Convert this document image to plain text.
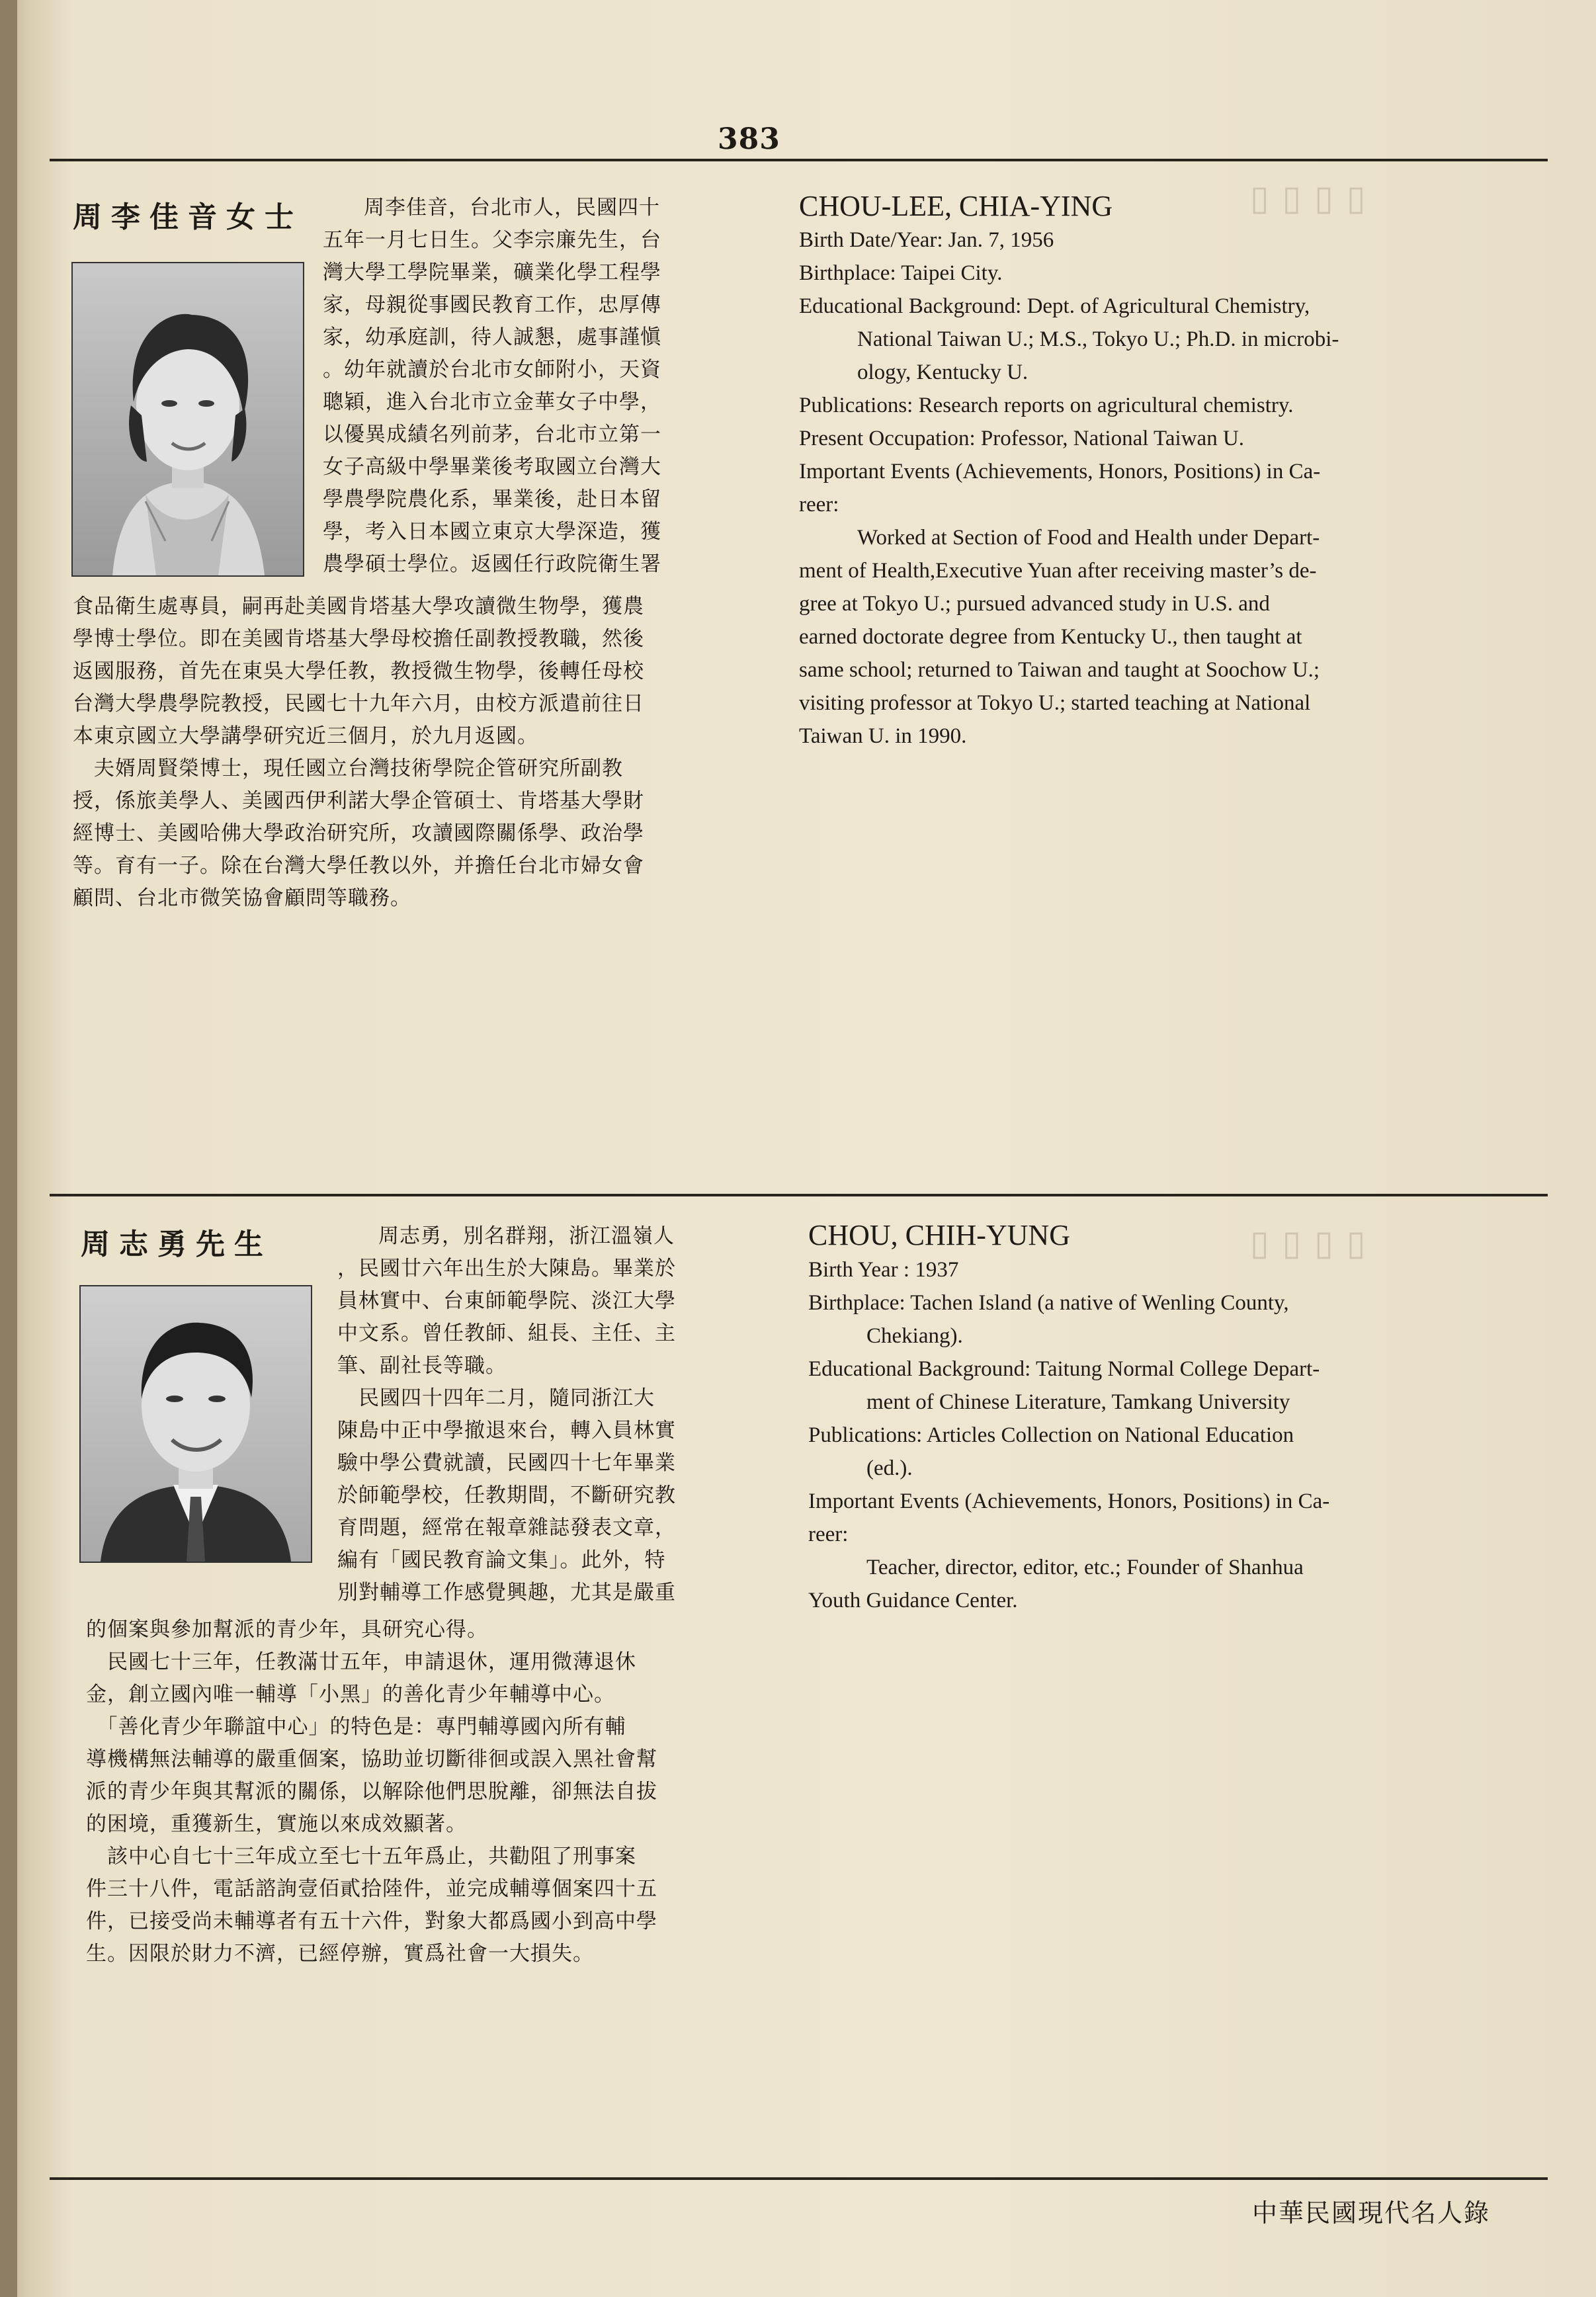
▯▯▯▯
▯▯▯▯
383
周李佳音女士	周李佳音，台北市人，民國四十
五年一月七日生。父李宗廉先生，台
灣大學工學院畢業，礦業化學工程學
家，母親從事國民教育工作，忠厚傳
家，幼承庭訓，待人誠懇，處事謹愼
。幼年就讀於台北市女師附小，天資
聰穎，進入台北市立金華女子中學，
以優異成績名列前茅，台北市立第一
女子高級中學畢業後考取國立台灣大
學農學院農化系，畢業後，赴日本留
學，考入日本國立東京大學深造，獲
農學碩士學位。返國任行政院衛生署
食品衛生處專員，嗣再赴美國肯塔基大學攻讀微生物學，獲農
學博士學位。即在美國肯塔基大學母校擔任副教授教職，然後
返國服務，首先在東吳大學任教，教授微生物學，後轉任母校
台灣大學農學院教授，民國七十九年六月，由校方派遣前往日
本東京國立大學講學研究近三個月，於九月返國。
　夫婿周賢榮博士，現任國立台灣技術學院企管研究所副教
授，係旅美學人、美國西伊利諾大學企管碩士、肯塔基大學財
經博士、美國哈佛大學政治研究所，攻讀國際關係學、政治學
等。育有一子。除在台灣大學任教以外，并擔任台北市婦女會
顧問、台北市微笑協會顧問等職務。
CHOU-LEE, CHIA-YING
Birth Date/Year: Jan. 7, 1956
Birthplace: Taipei City.
Educational Background: Dept. of Agricultural Chemistry,
National Taiwan U.; M.S., Tokyo U.; Ph.D. in microbi-
ology, Kentucky U.
Publications: Research reports on agricultural chemistry.
Present Occupation: Professor, National Taiwan U.
Important Events (Achievements, Honors, Positions) in Ca-
reer:
Worked at Section of Food and Health under Depart-
ment of Health,Executive Yuan after receiving master’s de-
gree at Tokyo U.; pursued advanced study in U.S. and
earned doctorate degree from Kentucky U., then taught at
same school; returned to Taiwan and taught at Soochow U.;
visiting professor at Tokyo U.; started teaching at National
Taiwan U. in 1990.
周志勇先生	周志勇，別名群翔，浙江溫嶺人
，民國廿六年出生於大陳島。畢業於
員林實中、台東師範學院、淡江大學
中文系。曾任教師、組長、主任、主
筆、副社長等職。
　民國四十四年二月，隨同浙江大
陳島中正中學撤退來台，轉入員林實
驗中學公費就讀，民國四十七年畢業
於師範學校，任教期間，不斷研究教
育問題，經常在報章雜誌發表文章，
編有「國民教育論文集」。此外，特
別對輔導工作感覺興趣，尤其是嚴重
的個案與參加幫派的青少年，具研究心得。
　民國七十三年，任教滿廿五年，申請退休，運用微薄退休
金，創立國內唯一輔導「小黑」的善化青少年輔導中心。
　「善化青少年聯誼中心」的特色是：專門輔導國內所有輔
導機構無法輔導的嚴重個案，協助並切斷徘徊或誤入黑社會幫
派的青少年與其幫派的關係，以解除他們思脫離，卻無法自拔
的困境，重獲新生，實施以來成效顯著。
　該中心自七十三年成立至七十五年爲止，共勸阻了刑事案
件三十八件，電話諮詢壹佰貳拾陸件，並完成輔導個案四十五
件，已接受尚未輔導者有五十六件，對象大都爲國小到高中學
生。因限於財力不濟，已經停辦，實爲社會一大損失。
CHOU, CHIH-YUNG
Birth Year : 1937
Birthplace: Tachen Island (a native of Wenling County,
Chekiang).
Educational Background: Taitung Normal College Depart-
ment of Chinese Literature, Tamkang University
Publications: Articles Collection on National Education
(ed.).
Important Events (Achievements, Honors, Positions) in Ca-
reer:
Teacher, director, editor, etc.; Founder of Shanhua
Youth Guidance Center.
中華民國現代名人錄
